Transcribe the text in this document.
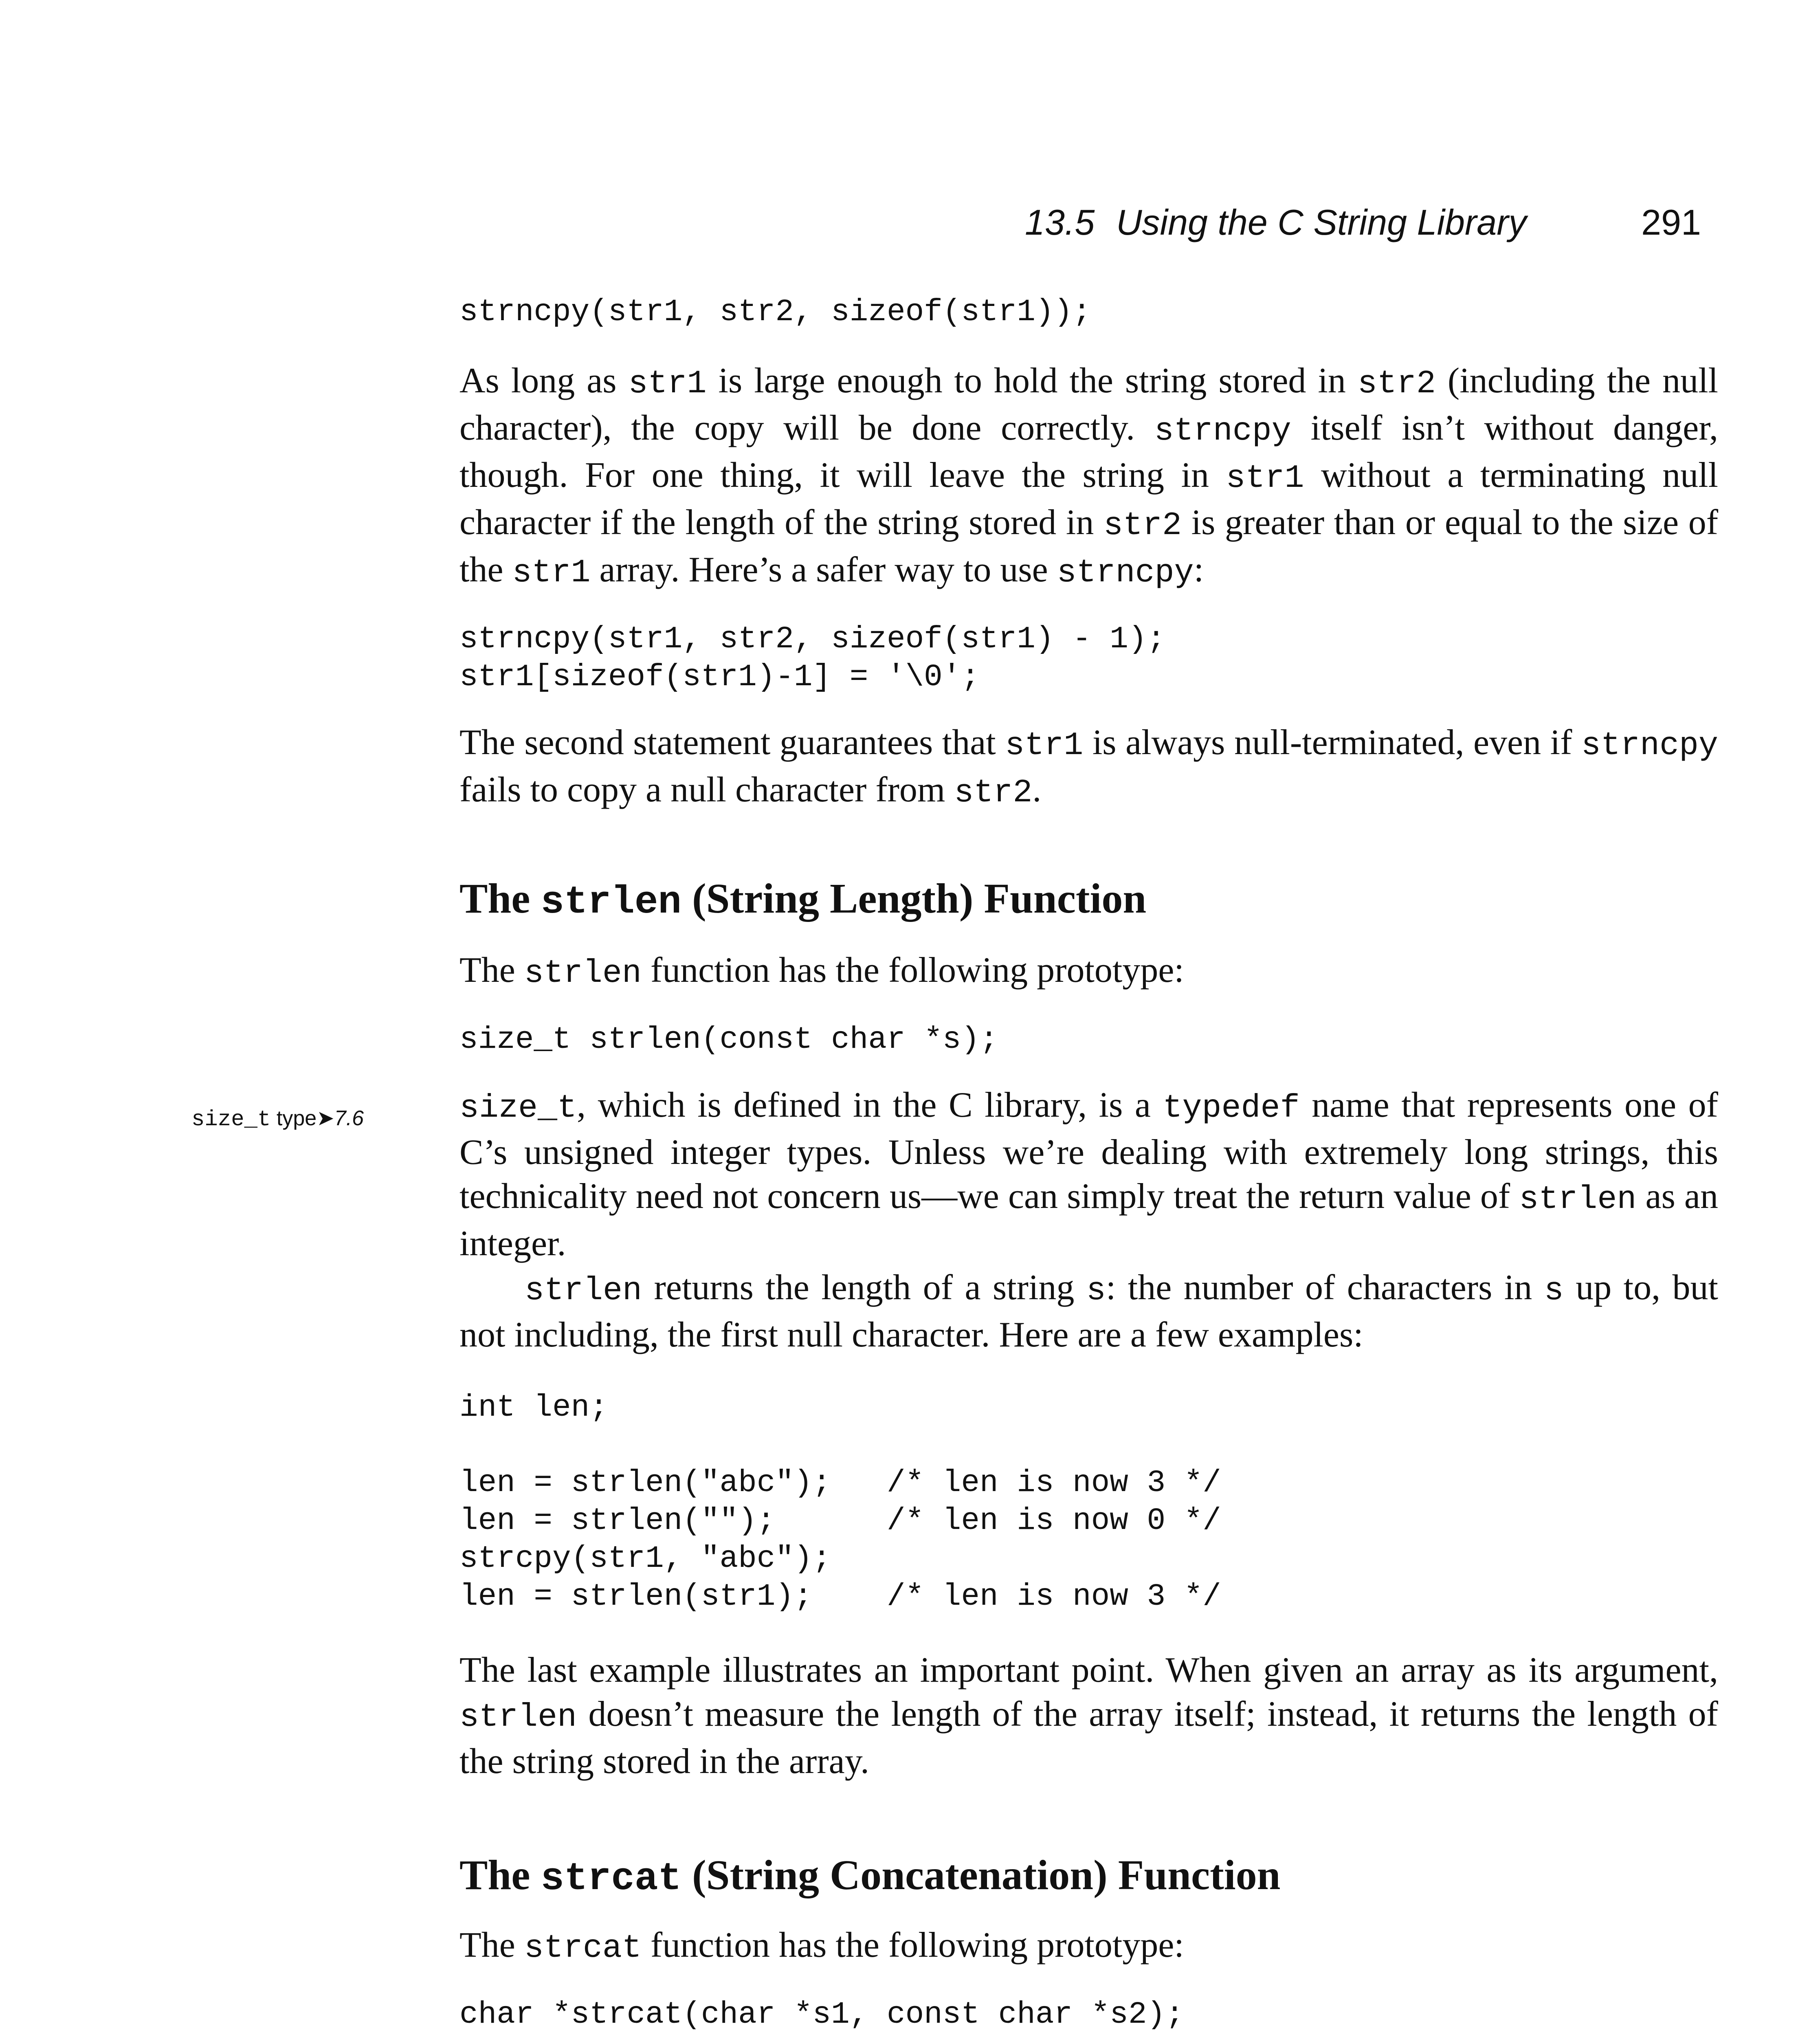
13.5 Using the C String Library	291
size_t type➤7.6
strncpy(str1, str2, sizeof(str1));

As long as str1 is large enough to hold the string stored in str2 (including the null character), the copy will be done correctly. strncpy itself isn’t without danger, though. For one thing, it will leave the string in str1 without a terminating null character if the length of the string stored in str2 is greater than or equal to the size of the str1 array. Here’s a safer way to use strncpy:

strncpy(str1, str2, sizeof(str1) - 1);
str1[sizeof(str1)-1] = '\0';

The second statement guarantees that str1 is always null-terminated, even if strncpy fails to copy a null character from str2.

The strlen (String Length) Function

The strlen function has the following prototype:

size_t strlen(const char *s);

size_t, which is defined in the C library, is a typedef name that represents one of C’s unsigned integer types. Unless we’re dealing with extremely long strings, this technicality need not concern us—we can simply treat the return value of strlen as an integer.

strlen returns the length of a string s: the number of characters in s up to, but not including, the first null character. Here are a few examples:

int len;
len = strlen("abc");   /* len is now 3 */
len = strlen("");      /* len is now 0 */
strcpy(str1, "abc");
len = strlen(str1);    /* len is now 3 */

The last example illustrates an important point. When given an array as its argument, strlen doesn’t measure the length of the array itself; instead, it returns the length of the string stored in the array.

The strcat (String Concatenation) Function

The strcat function has the following prototype:

char *strcat(char *s1, const char *s2);
